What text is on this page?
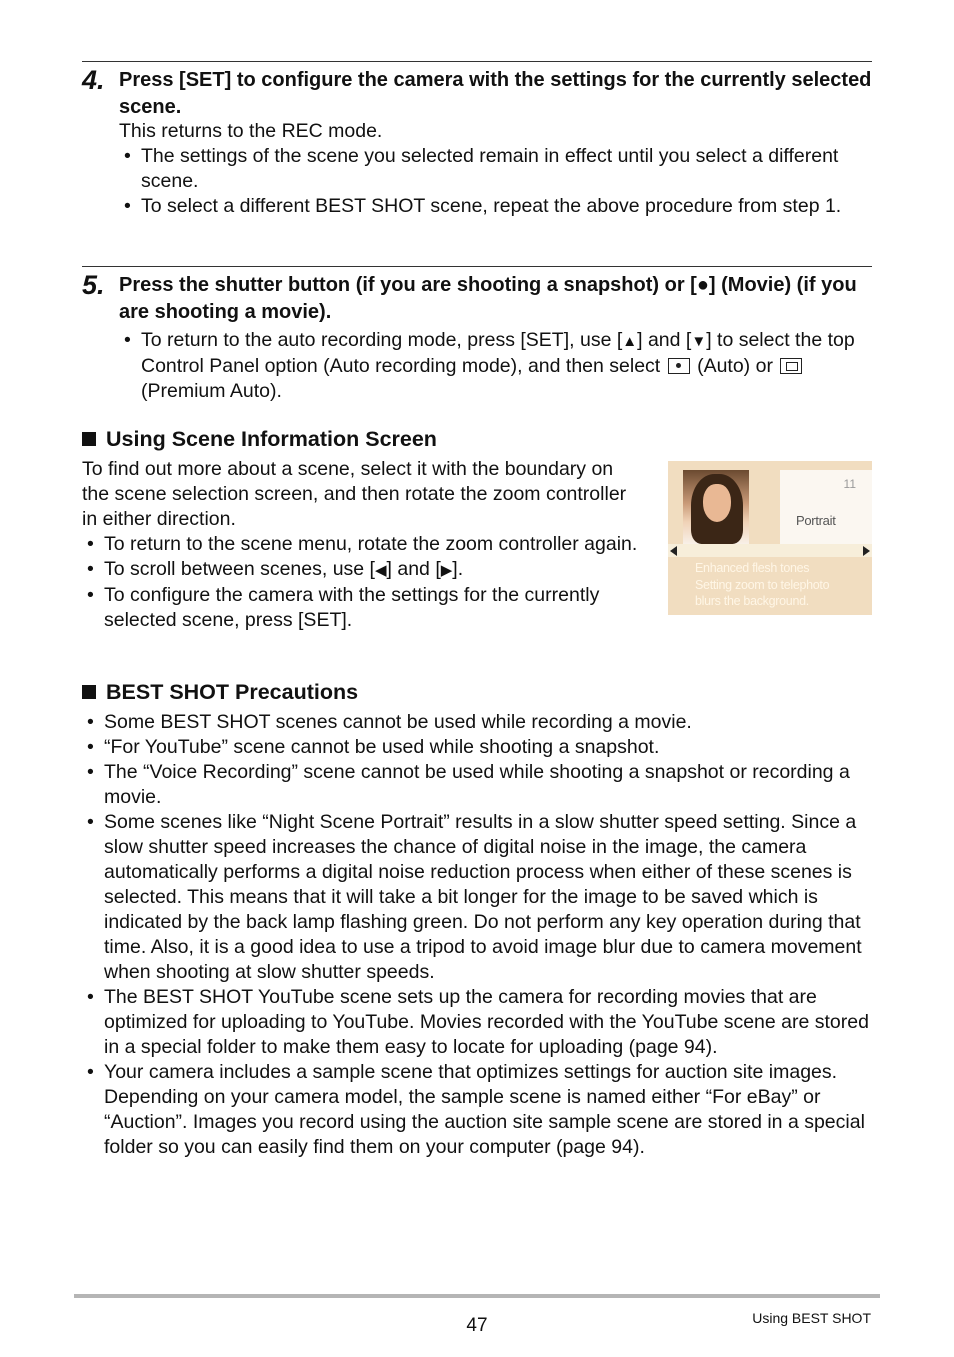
4. Press [SET] to configure the camera with the settings for the currently selected scene.
This returns to the REC mode.
• The settings of the scene you selected remain in effect until you select a different scene.
• To select a different BEST SHOT scene, repeat the above procedure from step 1.
5. Press the shutter button (if you are shooting a snapshot) or [●] (Movie) (if you are shooting a movie).
• To return to the auto recording mode, press [SET], use [▲] and [▼] to select the top Control Panel option (Auto recording mode), and then select  (Auto) or  (Premium Auto).
Using Scene Information Screen
To find out more about a scene, select it with the boundary on the scene selection screen, and then rotate the zoom controller in either direction.
• To return to the scene menu, rotate the zoom controller again.
• To scroll between scenes, use [◀] and [▶].
• To configure the camera with the settings for the currently selected scene, press [SET].
11
Portrait
Enhanced flesh tones
Setting zoom to telephoto
blurs the background.
BEST SHOT Precautions
• Some BEST SHOT scenes cannot be used while recording a movie.
• “For YouTube” scene cannot be used while shooting a snapshot.
• The “Voice Recording” scene cannot be used while shooting a snapshot or recording a movie.
• Some scenes like “Night Scene Portrait” results in a slow shutter speed setting. Since a slow shutter speed increases the chance of digital noise in the image, the camera automatically performs a digital noise reduction process when either of these scenes is selected. This means that it will take a bit longer for the image to be saved which is indicated by the back lamp flashing green. Do not perform any key operation during that time. Also, it is a good idea to use a tripod to avoid image blur due to camera movement when shooting at slow shutter speeds.
• The BEST SHOT YouTube scene sets up the camera for recording movies that are optimized for uploading to YouTube. Movies recorded with the YouTube scene are stored in a special folder to make them easy to locate for uploading (page 94).
• Your camera includes a sample scene that optimizes settings for auction site images. Depending on your camera model, the sample scene is named either “For eBay” or “Auction”. Images you record using the auction site sample scene are stored in a special folder so you can easily find them on your computer (page 94).
47	Using BEST SHOT
